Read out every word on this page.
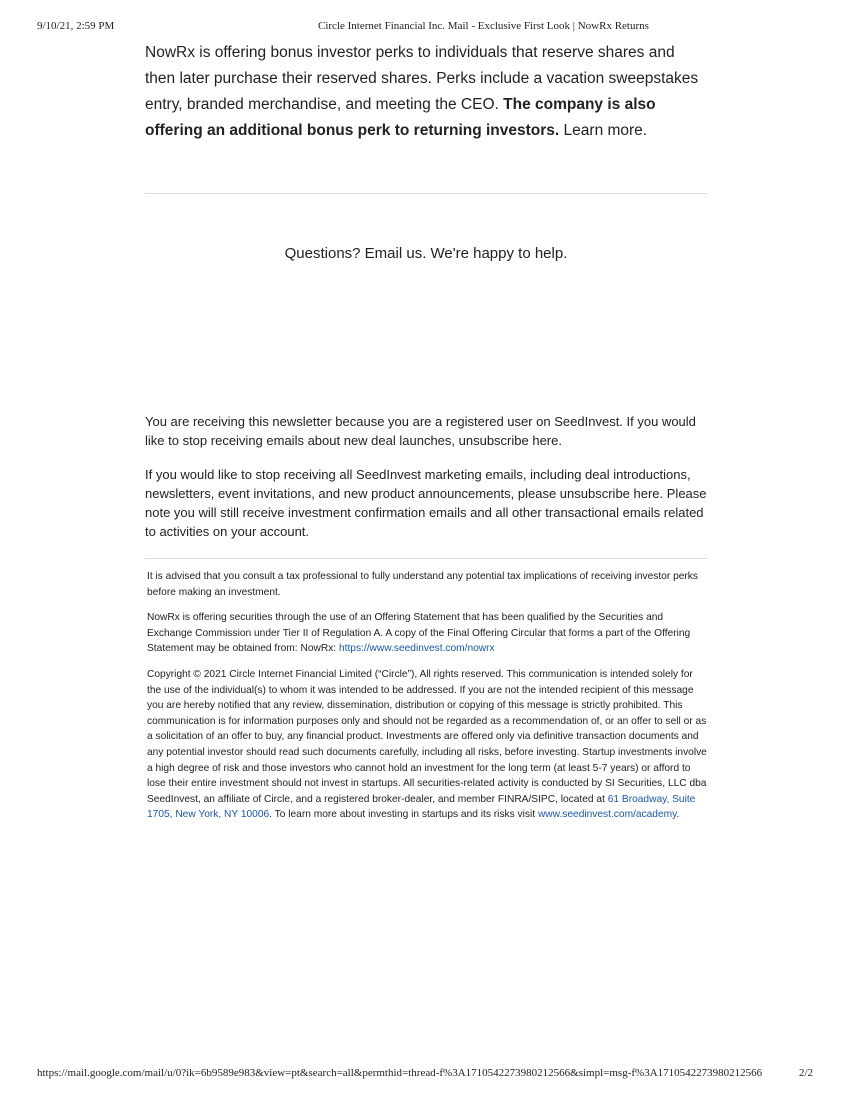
9/10/21, 2:59 PM	Circle Internet Financial Inc. Mail - Exclusive First Look | NowRx Returns
NowRx is offering bonus investor perks to individuals that reserve shares and then later purchase their reserved shares. Perks include a vacation sweepstakes entry, branded merchandise, and meeting the CEO. The company is also offering an additional bonus perk to returning investors. Learn more.
Questions? Email us. We're happy to help.

You are receiving this newsletter because you are a registered user on SeedInvest. If you would like to stop receiving emails about new deal launches, unsubscribe here.

If you would like to stop receiving all SeedInvest marketing emails, including deal introductions, newsletters, event invitations, and new product announcements, please unsubscribe here. Please note you will still receive investment confirmation emails and all other transactional emails related to activities on your account.

It is advised that you consult a tax professional to fully understand any potential tax implications of receiving investor perks before making an investment.

NowRx is offering securities through the use of an Offering Statement that has been qualified by the Securities and Exchange Commission under Tier II of Regulation A. A copy of the Final Offering Circular that forms a part of the Offering Statement may be obtained from: NowRx: https://www.seedinvest.com/nowrx

Copyright © 2021 Circle Internet Financial Limited (“Circle”), All rights reserved. This communication is intended solely for the use of the individual(s) to whom it was intended to be addressed. If you are not the intended recipient of this message you are hereby notified that any review, dissemination, distribution or copying of this message is strictly prohibited. This communication is for information purposes only and should not be regarded as a recommendation of, or an offer to sell or as a solicitation of an offer to buy, any financial product. Investments are offered only via definitive transaction documents and any potential investor should read such documents carefully, including all risks, before investing. Startup investments involve a high degree of risk and those investors who cannot hold an investment for the long term (at least 5-7 years) or afford to lose their entire investment should not invest in startups. All securities-related activity is conducted by SI Securities, LLC dba SeedInvest, an affiliate of Circle, and a registered broker-dealer, and member FINRA/SIPC, located at 61 Broadway, Suite 1705, New York, NY 10006. To learn more about investing in startups and its risks visit www.seedinvest.com/academy.

https://mail.google.com/mail/u/0?ik=6b9589e983&view=pt&search=all&permthid=thread-f%3A1710542273980212566&simpl=msg-f%3A1710542273980212566	2/2
